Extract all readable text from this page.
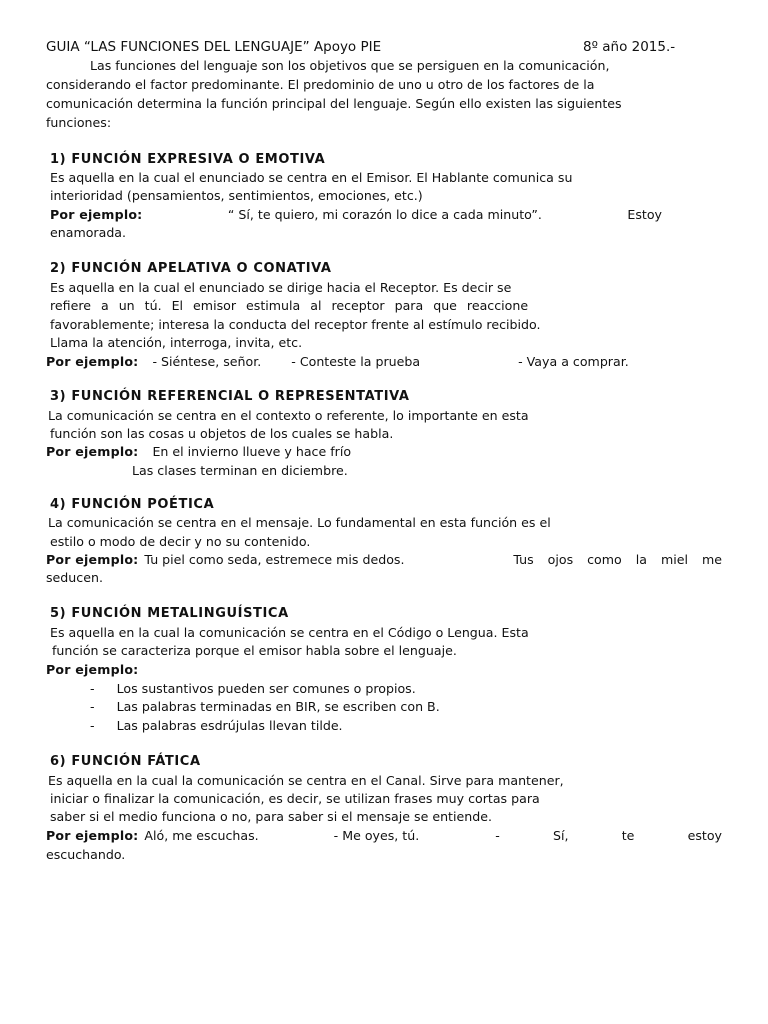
GUIA “LAS FUNCIONES DEL LENGUAJE” Apoyo PIE	8º año 2015.-
Las funciones del lenguaje son los objetivos que se persiguen en la comunicación,
considerando el factor predominante. El predominio de uno u otro de los factores de la
comunicación determina la función principal del lenguaje. Según ello existen las siguientes
funciones:
1) FUNCIÓN EXPRESIVA O EMOTIVA
Es aquella en la cual el enunciado se centra en el Emisor. El Hablante comunica su
interioridad (pensamientos, sentimientos, emociones, etc.)
Por ejemplo:	“ Sí, te quiero, mi corazón lo dice a cada minuto”.	Estoy
enamorada.
2) FUNCIÓN APELATIVA O CONATIVA
Es aquella en la cual el enunciado se dirige hacia el Receptor. Es decir se
refiere a un tú. El emisor estimula al receptor para que reaccione
favorablemente; interesa la conducta del receptor frente al estímulo recibido.
Llama la atención, interroga, invita, etc.
Por ejemplo: - Siéntese, señor. - Conteste la prueba	- Vaya a comprar.
3) FUNCIÓN REFERENCIAL O REPRESENTATIVA
La comunicación se centra en el contexto o referente, lo importante en esta
función son las cosas u objetos de los cuales se habla.
Por ejemplo: En el invierno llueve y hace frío
Las clases terminan en diciembre.
4) FUNCIÓN POÉTICA
La comunicación se centra en el mensaje. Lo fundamental en esta función es el
estilo o modo de decir y no su contenido.
Por ejemplo: Tu piel como seda, estremece mis dedos.	Tus ojos como la miel me
seducen.
5) FUNCIÓN METALINGUÍSTICA
Es aquella en la cual la comunicación se centra en el Código o Lengua. Esta
función se caracteriza porque el emisor habla sobre el lenguaje.
Por ejemplo:
- Los sustantivos pueden ser comunes o propios.
- Las palabras terminadas en BIR, se escriben con B.
- Las palabras esdrújulas llevan tilde.
6) FUNCIÓN FÁTICA
Es aquella en la cual la comunicación se centra en el Canal. Sirve para mantener,
iniciar o finalizar la comunicación, es decir, se utilizan frases muy cortas para
saber si el medio funciona o no, para saber si el mensaje se entiende.
Por ejemplo: Aló, me escuchas.	- Me oyes, tú.	-	Sí,	te	estoy
escuchando.
